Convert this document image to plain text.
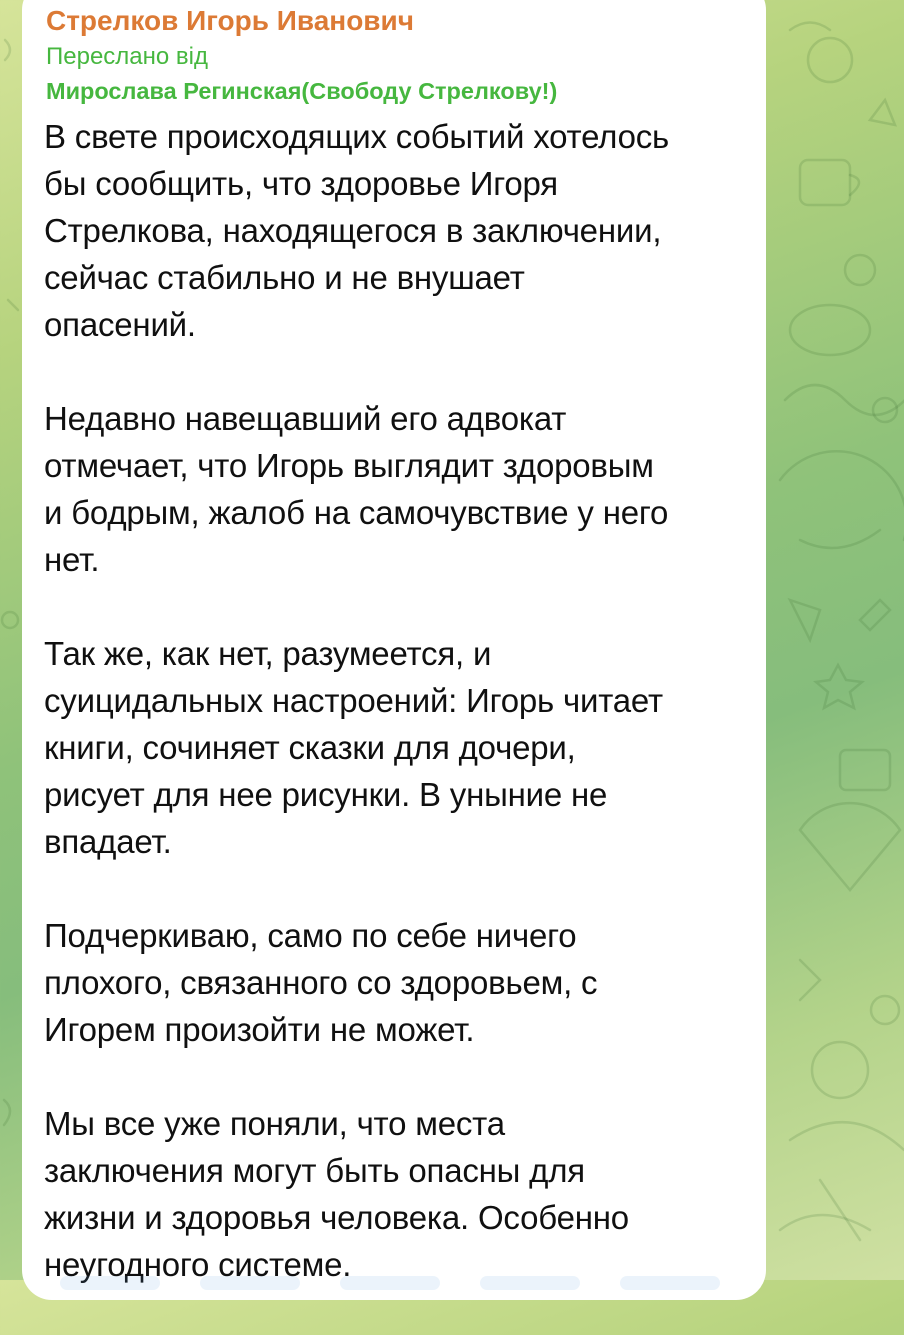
Стрелков Игорь Иванович

Переслано від

Мирослава Регинская(Свободу Стрелкову!)

В свете происходящих событий хотелось
бы сообщить, что здоровье Игоря
Стрелкова, находящегося в заключении,
сейчас стабильно и не внушает
опасений.

Недавно навещавший его адвокат
отмечает, что Игорь выглядит здоровым
и бодрым, жалоб на самочувствие у него
нет.

Так же, как нет, разумеется, и
суицидальных настроений: Игорь читает
книги, сочиняет сказки для дочери,
рисует для нее рисунки. В уныние не
впадает.

Подчеркиваю, само по себе ничего
плохого, связанного со здоровьем, с
Игорем произойти не может.

Мы все уже поняли, что места
заключения могут быть опасны для
жизни и здоровья человека. Особенно
неугодного системе.
